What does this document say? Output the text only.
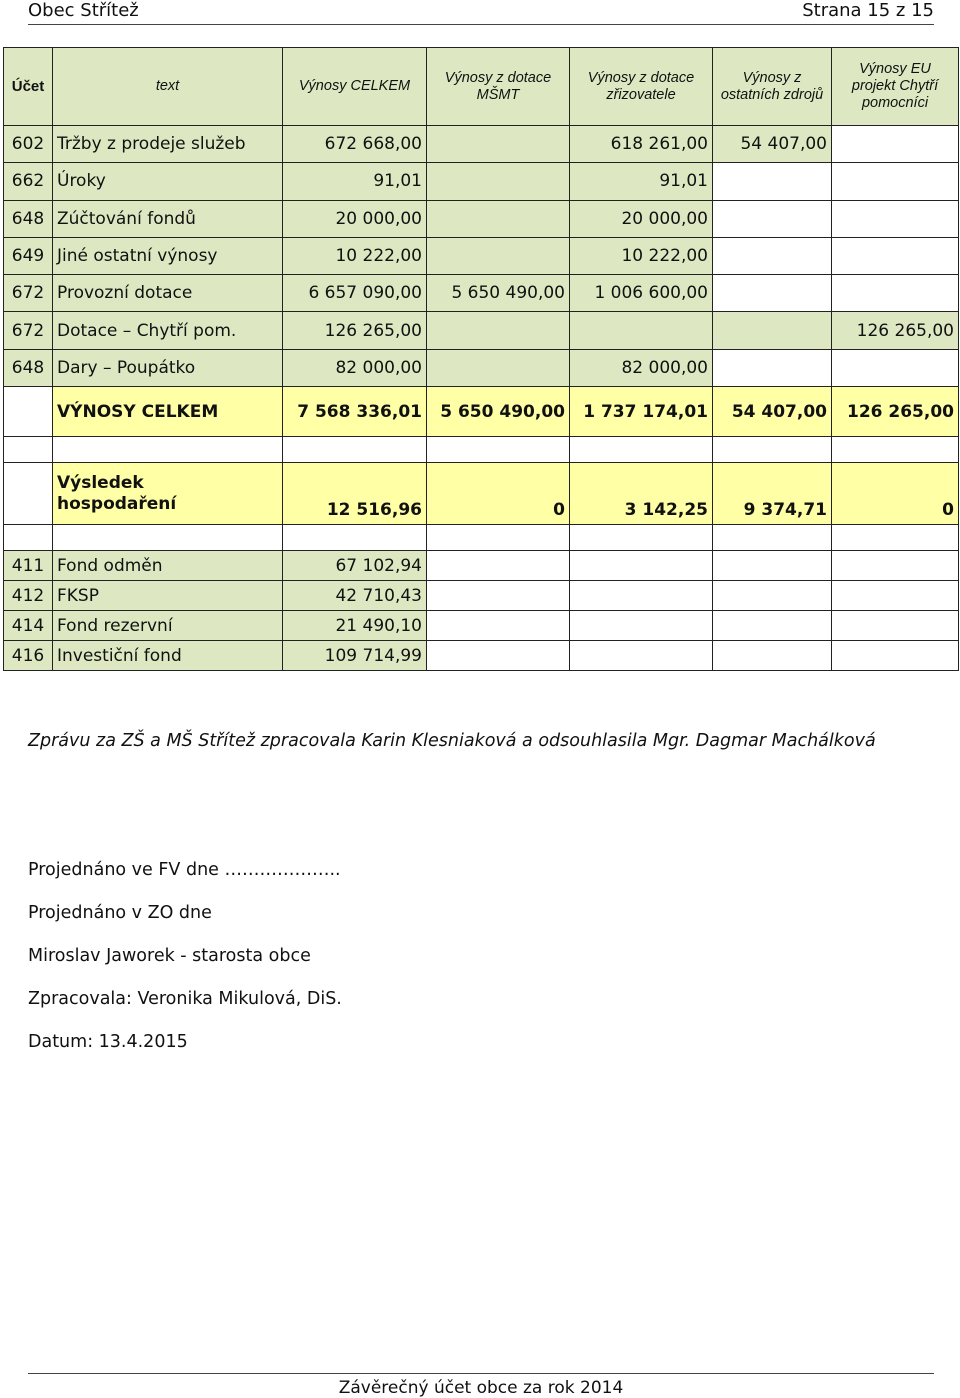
Obec Střítež	Strana 15 z 15
Účet	text	Výnosy CELKEM	Výnosy z dotace MŠMT	Výnosy z dotace zřizovatele	Výnosy z ostatních zdrojů	Výnosy EU projekt Chytří pomocníci
602	Tržby z prodeje služeb	672 668,00		618 261,00	54 407,00	
662	Úroky	91,01		91,01		
648	Zúčtování fondů	20 000,00		20 000,00		
649	Jiné ostatní výnosy	10 222,00		10 222,00		
672	Provozní dotace	6 657 090,00	5 650 490,00	1 006 600,00		
672	Dotace – Chytří pom.	126 265,00				126 265,00
648	Dary – Poupátko	82 000,00		82 000,00		
	VÝNOSY CELKEM	7 568 336,01	5 650 490,00	1 737 174,01	54 407,00	126 265,00

	Výsledek
hospodaření	12 516,96	0	3 142,25	9 374,71	0

411	Fond odměn	67 102,94				
412	FKSP	42 710,43				
414	Fond rezervní	21 490,10				
416	Investiční fond	109 714,99				
Zprávu za ZŠ a MŠ Střítež zpracovala Karin Klesniaková a odsouhlasila Mgr. Dagmar Machálková
Projednáno ve FV dne ………………..
Projednáno v ZO dne
Miroslav Jaworek - starosta obce
Zpracovala: Veronika Mikulová, DiS.
Datum: 13.4.2015
Závěrečný účet obce za rok 2014
